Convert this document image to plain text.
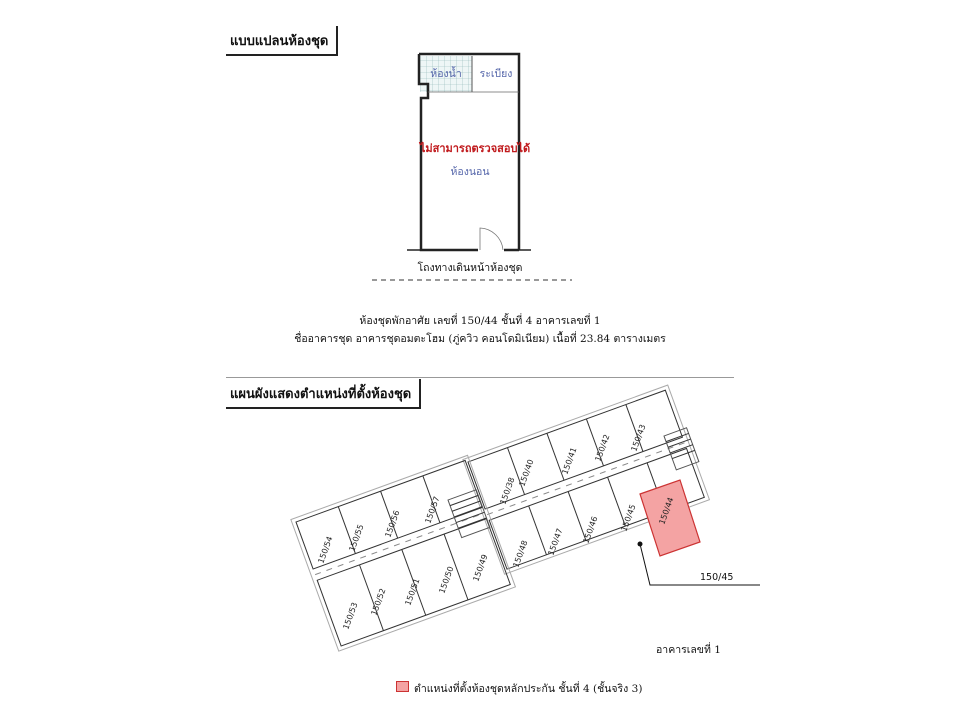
แบบแปลนห้องชุด
ห้องน้ำ ระเบียง
ไม่สามารถตรวจสอบได้
ห้องนอน
โถงทางเดินหน้าห้องชุด
ห้องชุดพักอาศัย เลขที่ 150/44 ชั้นที่ 4 อาคารเลขที่ 1
ชื่ออาคารชุด อาคารชุดอมตะโฮม (ภู่ควิว คอนโดมิเนียม) เนื้อที่ 23.84 ตารางเมตร
แผนผังแสดงตำแหน่งที่ตั้งห้องชุด
150/38
150/40	150/41 150/42 150/43
150/54 150/55 150/56	150/57
150/49	150/48 150/47 150/46 150/45
150/53 150/52 150/51 150/50
150/44
150/45
อาคารเลขที่ 1
ตำแหน่งที่ตั้งห้องชุดหลักประกัน ชั้นที่ 4 (ชั้นจริง 3)
